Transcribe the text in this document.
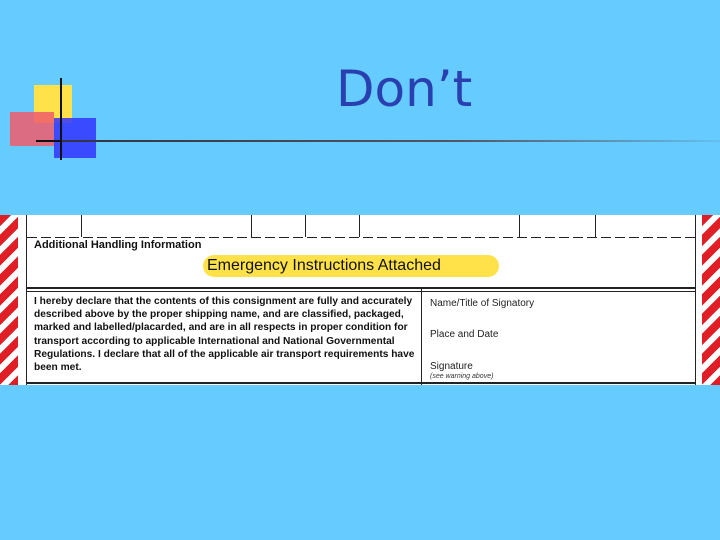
Don’t
Additional Handling Information
Emergency Instructions Attached
I hereby declare that the contents of this consignment are fully and accurately described above by the proper shipping name, and are classified, packaged, marked and labelled/placarded, and are in all respects in proper condition for transport according to applicable International and National Governmental Regulations. I declare that all of the applicable air transport requirements have been met.
Name/Title of Signatory
Place and Date
Signature
(see warning above)
